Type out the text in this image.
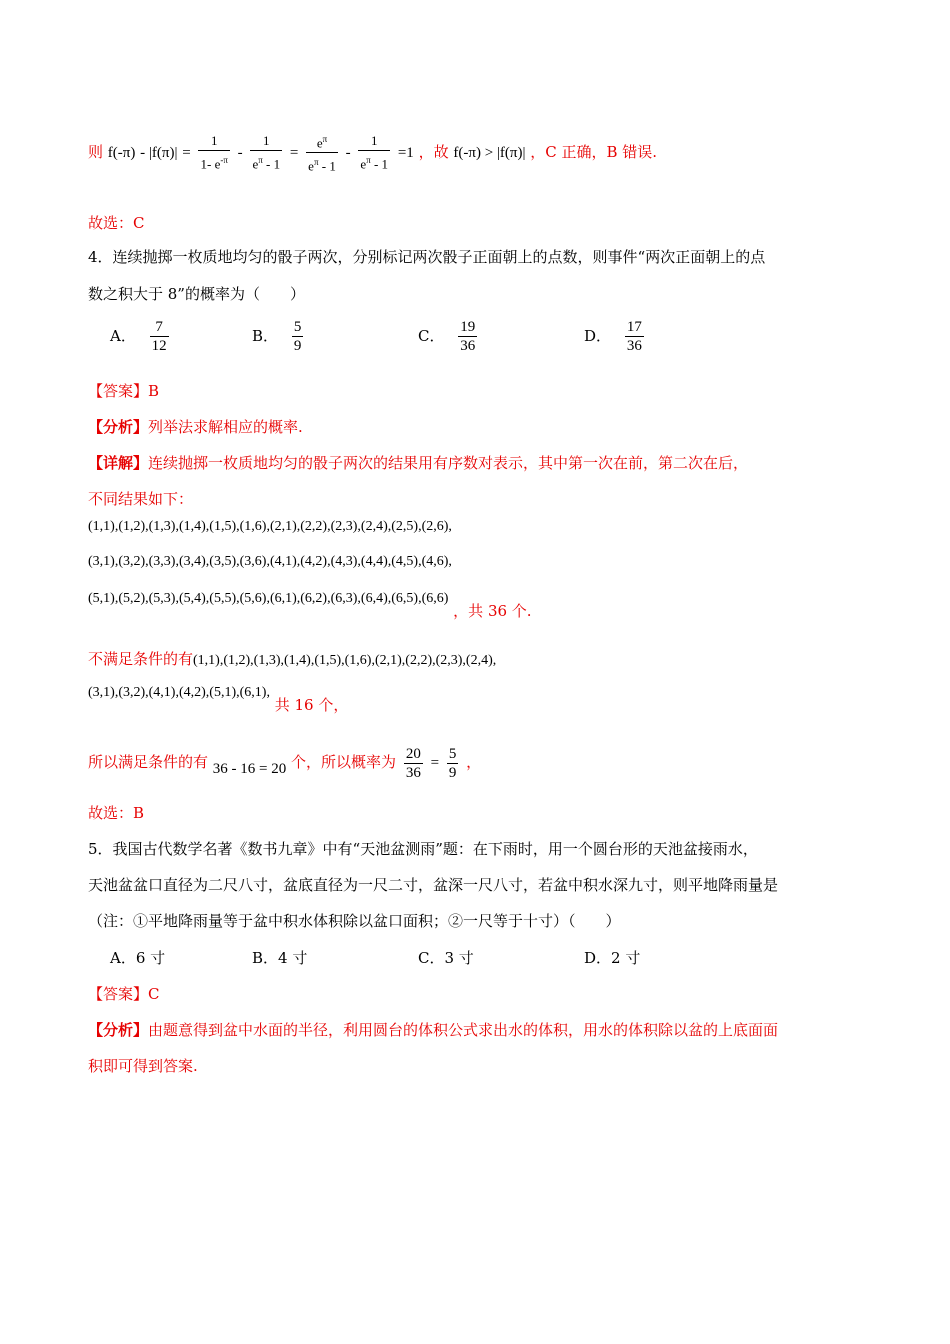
则 $f(-\pi) - |f(\pi)| = \frac{1}{1- e^{-\pi}} - \frac{1}{e^\pi - 1} = \frac{e^\pi}{e^\pi - 1} - \frac{1}{e^\pi - 1} =1$ ，故 f(-π) > |f(π)| ，C 正确，B 错误.
故选：C
4．连续抛掷一枚质地均匀的骰子两次，分别标记两次骰子正面朝上的点数，则事件“两次正面朝上的点
数之积大于 8”的概率为（　　）
A． $\frac{7}{12}$	B． $\frac{5}{9}$	C． $\frac{19}{36}$	D． $\frac{17}{36}$
【答案】B
【分析】列举法求解相应的概率.
【详解】连续抛掷一枚质地均匀的骰子两次的结果用有序数对表示，其中第一次在前，第二次在后，
不同结果如下：
(1,1),(1,2),(1,3),(1,4),(1,5),(1,6),(2,1),(2,2),(2,3),(2,4),(2,5),(2,6),
(3,1),(3,2),(3,3),(3,4),(3,5),(3,6),(4,1),(4,2),(4,3),(4,4),(4,5),(4,6),
(5,1),(5,2),(5,3),(5,4),(5,5),(5,6),(6,1),(6,2),(6,3),(6,4),(6,5),(6,6) ，共 36 个.
不满足条件的有(1,1),(1,2),(1,3),(1,4),(1,5),(1,6),(2,1),(2,2),(2,3),(2,4),
(3,1),(3,2),(4,1),(4,2),(5,1),(6,1), 共 16 个，
所以满足条件的有 36 - 16 = 20 个，所以概率为 $\frac{20}{36} = \frac{5}{9}$ ，
故选：B
5．我国古代数学名著《数书九章》中有“天池盆测雨”题：在下雨时，用一个圆台形的天池盆接雨水，
天池盆盆口直径为二尺八寸，盆底直径为一尺二寸，盆深一尺八寸，若盆中积水深九寸，则平地降雨量是
（注：①平地降雨量等于盆中积水体积除以盆口面积；②一尺等于十寸）（　　）
A．6 寸	B．4 寸	C．3 寸	D．2 寸
【答案】C
【分析】由题意得到盆中水面的半径，利用圆台的体积公式求出水的体积，用水的体积除以盆的上底面面
积即可得到答案.
